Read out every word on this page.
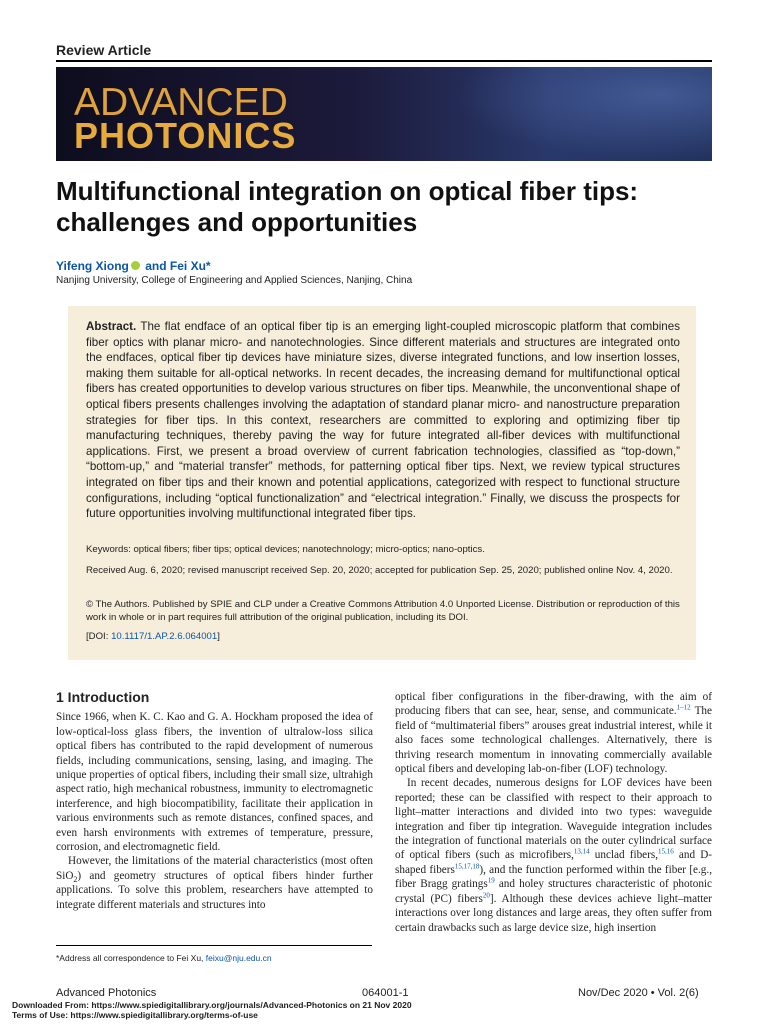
Review Article
ADVANCED
PHOTONICS
Multifunctional integration on optical fiber tips: challenges and opportunities
Yifeng Xiong and Fei Xu*
Nanjing University, College of Engineering and Applied Sciences, Nanjing, China
Abstract. The flat endface of an optical fiber tip is an emerging light-coupled microscopic platform that combines fiber optics with planar micro- and nanotechnologies. Since different materials and structures are integrated onto the endfaces, optical fiber tip devices have miniature sizes, diverse integrated functions, and low insertion losses, making them suitable for all-optical networks. In recent decades, the increasing demand for multifunctional optical fibers has created opportunities to develop various structures on fiber tips. Meanwhile, the unconventional shape of optical fibers presents challenges involving the adaptation of standard planar micro- and nanostructure preparation strategies for fiber tips. In this context, researchers are committed to exploring and optimizing fiber tip manufacturing techniques, thereby paving the way for future integrated all-fiber devices with multifunctional applications. First, we present a broad overview of current fabrication technologies, classified as “top-down,” “bottom-up,” and “material transfer” methods, for patterning optical fiber tips. Next, we review typical structures integrated on fiber tips and their known and potential applications, categorized with respect to functional structure configurations, including “optical functionalization” and “electrical integration.” Finally, we discuss the prospects for future opportunities involving multifunctional integrated fiber tips.
Keywords: optical fibers; fiber tips; optical devices; nanotechnology; micro-optics; nano-optics.
Received Aug. 6, 2020; revised manuscript received Sep. 20, 2020; accepted for publication Sep. 25, 2020; published online Nov. 4, 2020.
© The Authors. Published by SPIE and CLP under a Creative Commons Attribution 4.0 Unported License. Distribution or reproduction of this work in whole or in part requires full attribution of the original publication, including its DOI.
[DOI: 10.1117/1.AP.2.6.064001]
1 Introduction

Since 1966, when K. C. Kao and G. A. Hockham proposed the idea of low-optical-loss glass fibers, the invention of ultralow-loss silica optical fibers has contributed to the rapid development of numerous fields, including communications, sensing, lasing, and imaging. The unique properties of optical fibers, including their small size, ultrahigh aspect ratio, high mechanical robustness, immunity to electromagnetic interference, and high biocompatibility, facilitate their application in various environments such as remote distances, confined spaces, and even harsh environments with extremes of temperature, pressure, corrosion, and electromagnetic field.

However, the limitations of the material characteristics (most often SiO$_2$) and geometry structures of optical fibers hinder further applications. To solve this problem, researchers have attempted to integrate different materials and structures into

optical fiber configurations in the fiber-drawing, with the aim of producing fibers that can see, hear, sense, and communicate.$^{1-12}$ The field of “multimaterial fibers” arouses great industrial interest, while it also faces some technological challenges. Alternatively, there is thriving research momentum in innovating commercially available optical fibers and developing lab-on-fiber (LOF) technology.

In recent decades, numerous designs for LOF devices have been reported; these can be classified with respect to their approach to light–matter interactions and divided into two types: waveguide integration and fiber tip integration. Waveguide integration includes the integration of functional materials on the outer cylindrical surface of optical fibers (such as microfibers,$^{13,14}$ unclad fibers,$^{15,16}$ and D-shaped fibers$^{15,17,18}$), and the function performed within the fiber [e.g., fiber Bragg gratings$^{19}$ and holey structures characteristic of photonic crystal (PC) fibers$^{20}$]. Although these devices achieve light–matter interactions over long distances and large areas, they often suffer from certain drawbacks such as large device size, high insertion

*Address all correspondence to Fei Xu, feixu@nju.edu.cn
Advanced Photonics	064001-1	Nov/Dec 2020 • Vol. 2(6)
Downloaded From: https://www.spiedigitallibrary.org/journals/Advanced-Photonics on 21 Nov 2020
Terms of Use: https://www.spiedigitallibrary.org/terms-of-use
